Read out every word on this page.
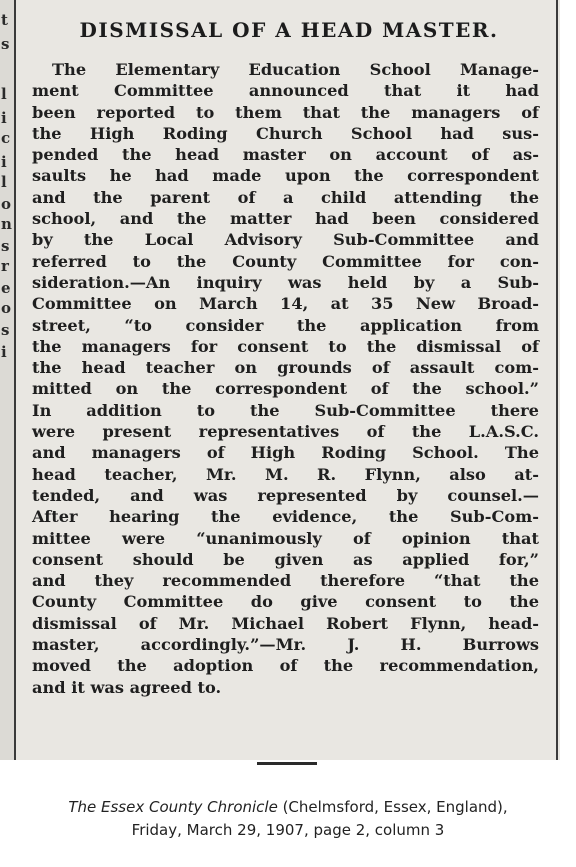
t
s
l
i
c
i
l
o
n
s
r
e
o
s
i
DISMISSAL OF A HEAD MASTER.
The Elementary Education School Manage-
ment Committee announced that it had
been reported to them that the managers of
the High Roding Church School had sus-
pended the head master on account of as-
saults he had made upon the correspondent
and the parent of a child attending the
school, and the matter had been considered
by the Local Advisory Sub-Committee and
referred to the County Committee for con-
sideration.—An inquiry was held by a Sub-
Committee on March 14, at 35 New Broad-
street, “to consider the application from
the managers for consent to the dismissal of
the head teacher on grounds of assault com-
mitted on the correspondent of the school.”
In addition to the Sub-Committee there
were present representatives of the L.A.S.C.
and managers of High Roding School. The
head teacher, Mr. M. R. Flynn, also at-
tended, and was represented by counsel.—
After hearing the evidence, the Sub-Com-
mittee were “unanimously of opinion that
consent should be given as applied for,”
and they recommended therefore “that the
County Committee do give consent to the
dismissal of Mr. Michael Robert Flynn, head-
master, accordingly.”—Mr. J. H. Burrows
moved the adoption of the recommendation,
and it was agreed to.
The Essex County Chronicle (Chelmsford, Essex, England),
Friday, March 29, 1907, page 2, column 3
